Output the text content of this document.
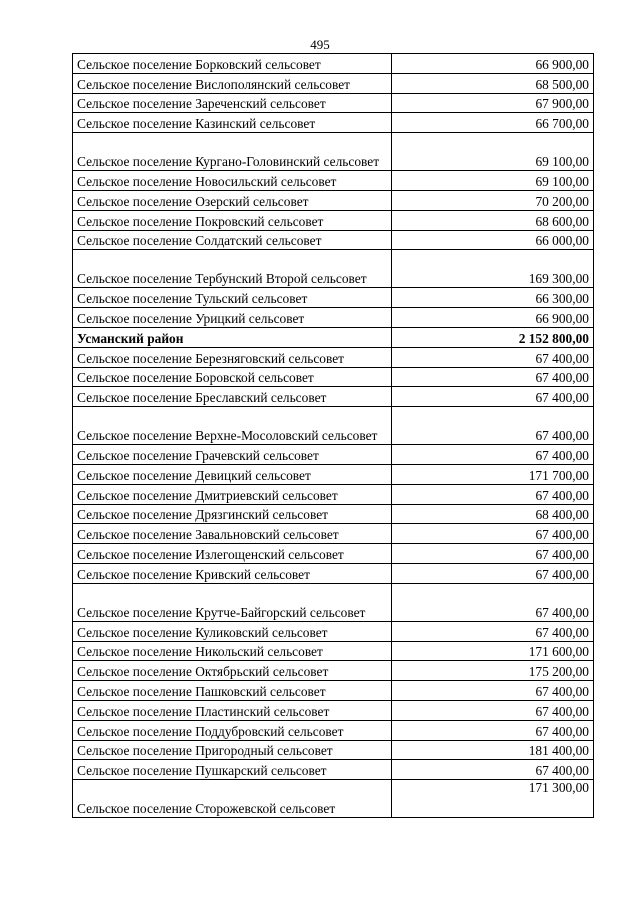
495
Сельское поселение Борковский сельсовет	66 900,00
Сельское поселение Вислополянский сельсовет	68 500,00
Сельское поселение Зареченский сельсовет	67 900,00
Сельское поселение Казинский сельсовет	66 700,00
Сельское поселение Кургано-Головинский сельсовет	69 100,00
Сельское поселение Новосильский сельсовет	69 100,00
Сельское поселение Озерский сельсовет	70 200,00
Сельское поселение Покровский сельсовет	68 600,00
Сельское поселение Солдатский сельсовет	66 000,00
Сельское поселение Тербунский Второй сельсовет	169 300,00
Сельское поселение Тульский сельсовет	66 300,00
Сельское поселение Урицкий сельсовет	66 900,00
Усманский район	2 152 800,00
Сельское поселение Березняговский сельсовет	67 400,00
Сельское поселение Боровской сельсовет	67 400,00
Сельское поселение Бреславский сельсовет	67 400,00
Сельское поселение Верхне-Мосоловский сельсовет	67 400,00
Сельское поселение Грачевский сельсовет	67 400,00
Сельское поселение Девицкий сельсовет	171 700,00
Сельское поселение Дмитриевский сельсовет	67 400,00
Сельское поселение Дрязгинский сельсовет	68 400,00
Сельское поселение Завальновский сельсовет	67 400,00
Сельское поселение Излегощенский сельсовет	67 400,00
Сельское поселение Кривский сельсовет	67 400,00
Сельское поселение Крутче-Байгорский сельсовет	67 400,00
Сельское поселение Куликовский сельсовет	67 400,00
Сельское поселение Никольский сельсовет	171 600,00
Сельское поселение Октябрьский сельсовет	175 200,00
Сельское поселение Пашковский сельсовет	67 400,00
Сельское поселение Пластинский сельсовет	67 400,00
Сельское поселение Поддубровский сельсовет	67 400,00
Сельское поселение Пригородный сельсовет	181 400,00
Сельское поселение Пушкарский сельсовет	67 400,00
Сельское поселение Сторожевской сельсовет	171 300,00
